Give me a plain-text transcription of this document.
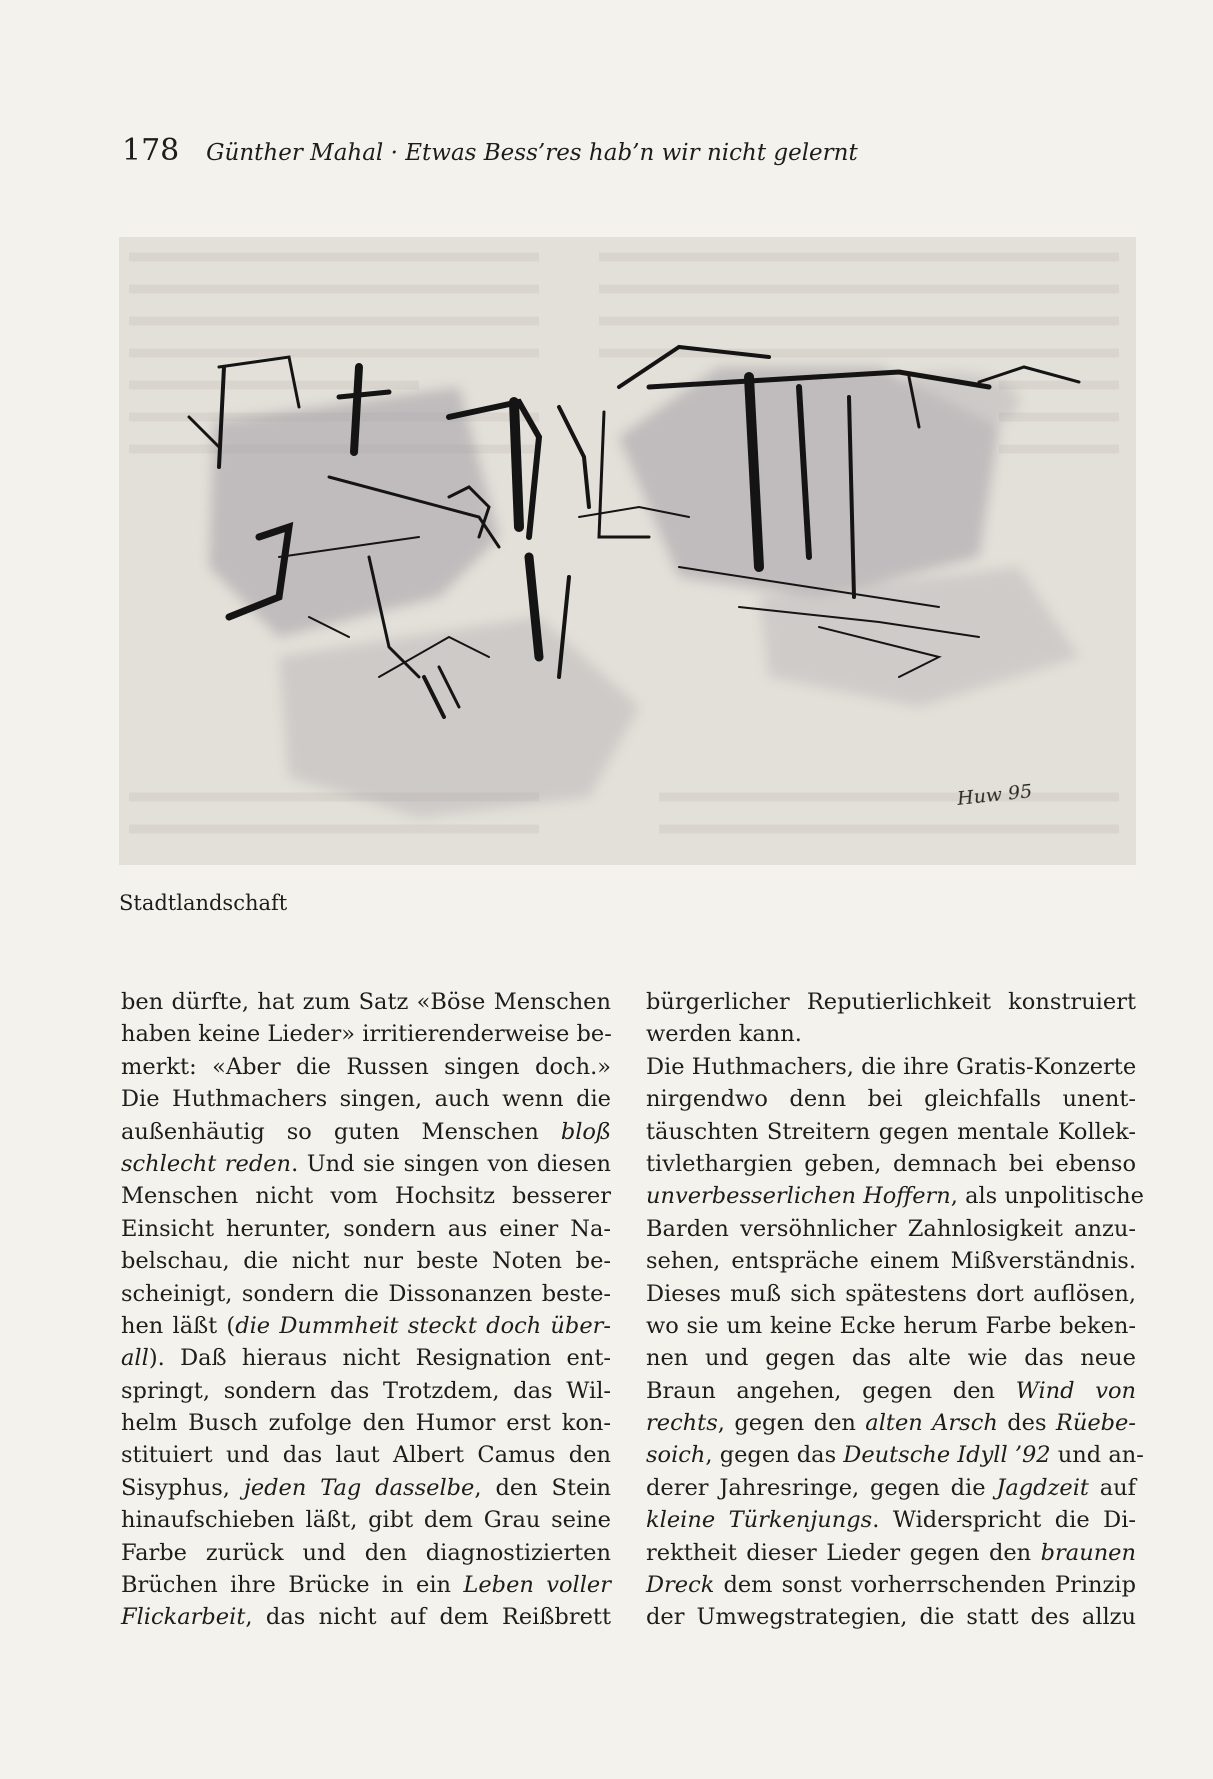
178 Günther Mahal · Etwas Bess’res hab’n wir nicht gelernt
Huw 95
Stadtlandschaft
ben dürfte, hat zum Satz «Böse Menschen
haben keine Lieder» irritierenderweise be-
merkt: «Aber die Russen singen doch.»
Die Huthmachers singen, auch wenn die
außenhäutig so guten Menschen bloß
schlecht reden. Und sie singen von diesen
Menschen nicht vom Hochsitz besserer
Einsicht herunter, sondern aus einer Na-
belschau, die nicht nur beste Noten be-
scheinigt, sondern die Dissonanzen beste-
hen läßt (die Dummheit steckt doch über-
all). Daß hieraus nicht Resignation ent-
springt, sondern das Trotzdem, das Wil-
helm Busch zufolge den Humor erst kon-
stituiert und das laut Albert Camus den
Sisyphus, jeden Tag dasselbe, den Stein
hinaufschieben läßt, gibt dem Grau seine
Farbe zurück und den diagnostizierten
Brüchen ihre Brücke in ein Leben voller
Flickarbeit, das nicht auf dem Reißbrett
bürgerlicher Reputierlichkeit konstruiert
werden kann.
Die Huthmachers, die ihre Gratis-Konzerte
nirgendwo denn bei gleichfalls unent-
täuschten Streitern gegen mentale Kollek-
tivlethargien geben, demnach bei ebenso
unverbesserlichen Hoffern, als unpolitische
Barden versöhnlicher Zahnlosigkeit anzu-
sehen, entspräche einem Mißverständnis.
Dieses muß sich spätestens dort auflösen,
wo sie um keine Ecke herum Farbe beken-
nen und gegen das alte wie das neue
Braun angehen, gegen den Wind von
rechts, gegen den alten Arsch des Rüebe-
soich, gegen das Deutsche Idyll ’92 und an-
derer Jahresringe, gegen die Jagdzeit auf
kleine Türkenjungs. Widerspricht die Di-
rektheit dieser Lieder gegen den braunen
Dreck dem sonst vorherrschenden Prinzip
der Umwegstrategien, die statt des allzu
